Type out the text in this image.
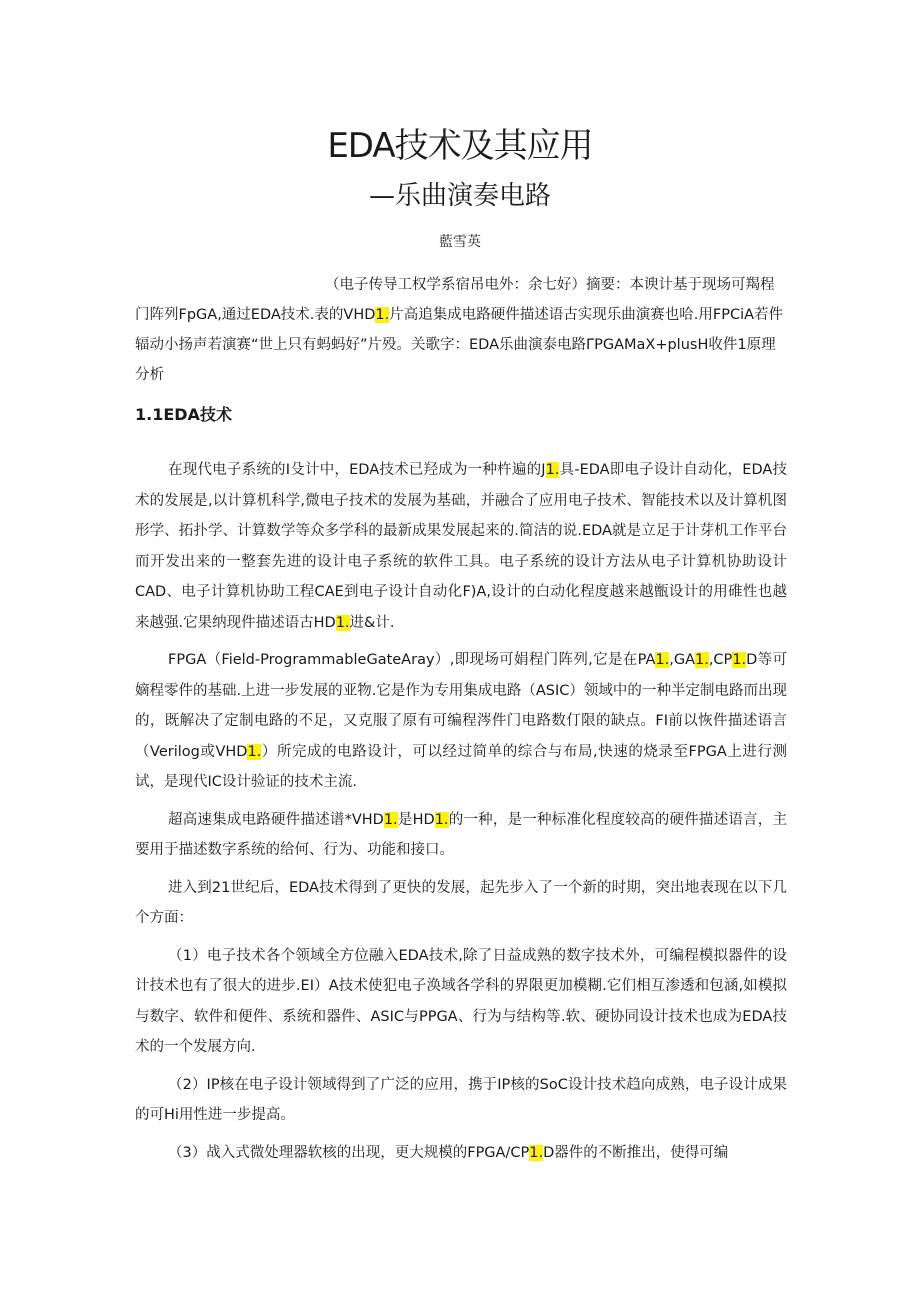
EDA技术及其应用
—乐曲演奏电路
藍雪英

（电子传导工权学系宿吊电外：余七好）摘要：本谀计基于现场可羯程门阵列FpGA,通过EDA技术.表的VHD1.片高追集成电路硬件描述语古实现乐曲演赛也哈.用FPCiA若件辐动小扬声若演赛“世上只有蚂蚂好”片殁。关歌字：EDA乐曲演泰电路ΓPGAMaX+plusH收件1原理分析

1.1EDA技术

在现代电子系统的I殳计中，EDA技术已羟成为一种杵遍的J1.具-EDA即电子设计自动化，EDA技术的发展是,以计算机科学,微电子技术的发展为基础，并融合了应用电子技术、智能技术以及计算机图形学、拓扑学、计算数学等众多学科的最新成果发展起来的.简洁的说.EDA就是立足于计芽机工作平台而开发出来的一整套先进的设计电子系统的软件工具。电子系统的设计方法从电子计算机协助设计CAD、电子计算机协助工程CAE到电子设计自动化F)A,设计的白动化程度越来越甑设计的用碓性也越来越强.它果纳现件描述语古HD1.进&计.

FPGA（Field-ProgrammableGateAray）,即现场可娟程门阵列,它是在PA1.,GA1.,CP1.D等可嫡程零件的基础.上进一步发展的亚物.它是作为专用集成电路（ASIC）领域中的一种半定制电路而出现的，既解决了定制电路的不足，又克服了原有可编程涔件门电路数仃限的缺点。FI前以恢件描述语言（Verilog或VHD1.）所完成的电路设计，可以经过简单的综合与布局,快速的烧录至FPGA上进行测试，是现代IC设计验证的技术主流.

超高速集成电路硬件描述谱*VHD1.是HD1.的一种，是一种标准化程度较高的硬件描述语言，主要用于描述数字系统的给何、行为、功能和接口。

进入到21世纪后，EDA技术得到了更快的发展，起先步入了一个新的时期，突出地表现在以下几个方面：

（1）电子技术各个领域全方位融入EDA技术,除了日益成熟的数字技术外，可编程模拟器件的设计技术也有了很大的进步.EI）A技术使犯电子涣域各学科的界限更加模糊.它们相互渗透和包涵,如模拟与数字、软件和便件、系统和器件、ASIC与PPGA、行为与结构等.软、硬协同设计技术也成为EDA技术的一个发展方向.

（2）IP核在电子设计领域得到了广泛的应用，携于IP核的SoC设计技术趋向成熟，电子设计成果的可Hi用性进一步提高。

（3）战入式微处理器软核的出现，更大规模的FPGA/CP1.D器件的不断推出，使得可编
